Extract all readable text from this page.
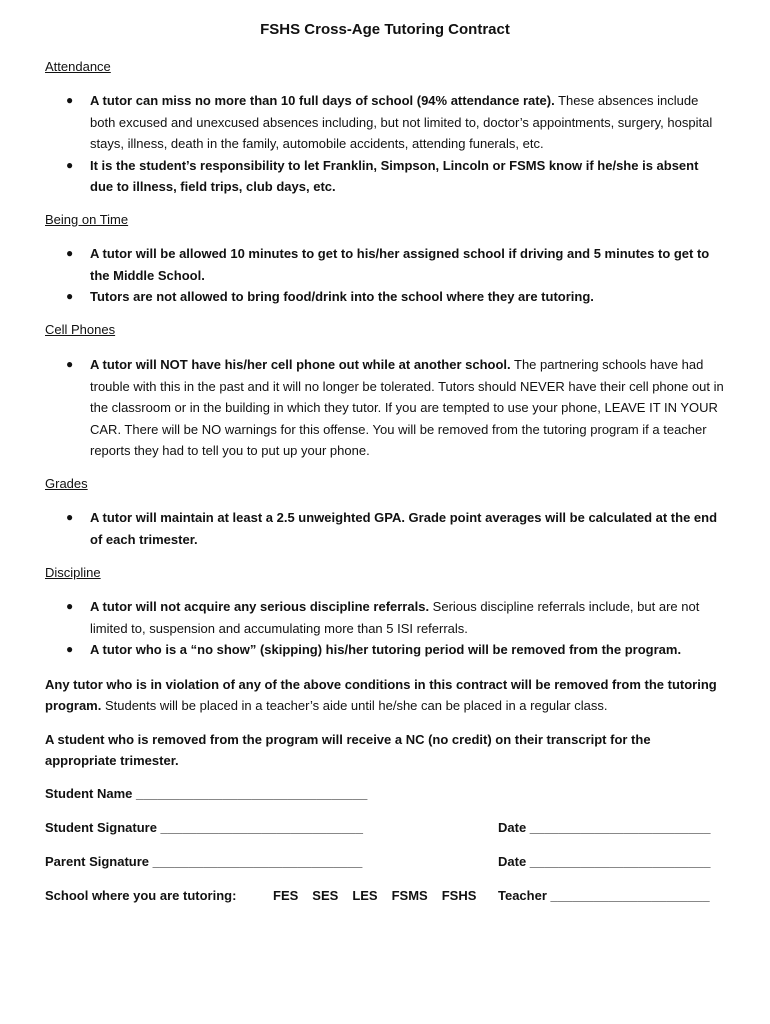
FSHS Cross-Age Tutoring Contract

Attendance

● A tutor can miss no more than 10 full days of school (94% attendance rate). These absences include both excused and unexcused absences including, but not limited to, doctor’s appointments, surgery, hospital stays, illness, death in the family, automobile accidents, attending funerals, etc.
● It is the student’s responsibility to let Franklin, Simpson, Lincoln or FSMS know if he/she is absent due to illness, field trips, club days, etc.

Being on Time

● A tutor will be allowed 10 minutes to get to his/her assigned school if driving and 5 minutes to get to the Middle School.
● Tutors are not allowed to bring food/drink into the school where they are tutoring.

Cell Phones

● A tutor will NOT have his/her cell phone out while at another school. The partnering schools have had trouble with this in the past and it will no longer be tolerated. Tutors should NEVER have their cell phone out in the classroom or in the building in which they tutor. If you are tempted to use your phone, LEAVE IT IN YOUR CAR. There will be NO warnings for this offense. You will be removed from the tutoring program if a teacher reports they had to tell you to put up your phone.

Grades

● A tutor will maintain at least a 2.5 unweighted GPA. Grade point averages will be calculated at the end of each trimester.

Discipline

● A tutor will not acquire any serious discipline referrals. Serious discipline referrals include, but are not limited to, suspension and accumulating more than 5 ISI referrals.
● A tutor who is a “no show” (skipping) his/her tutoring period will be removed from the program.

Any tutor who is in violation of any of the above conditions in this contract will be removed from the tutoring program. Students will be placed in a teacher’s aide until he/she can be placed in a regular class.

A student who is removed from the program will receive a NC (no credit) on their transcript for the appropriate trimester.

Student Name ________________________________

Student Signature ____________________________	Date _________________________

Parent Signature _____________________________	Date _________________________

School where you are tutoring:	FES SES LES FSMS FSHS	Teacher ______________________
